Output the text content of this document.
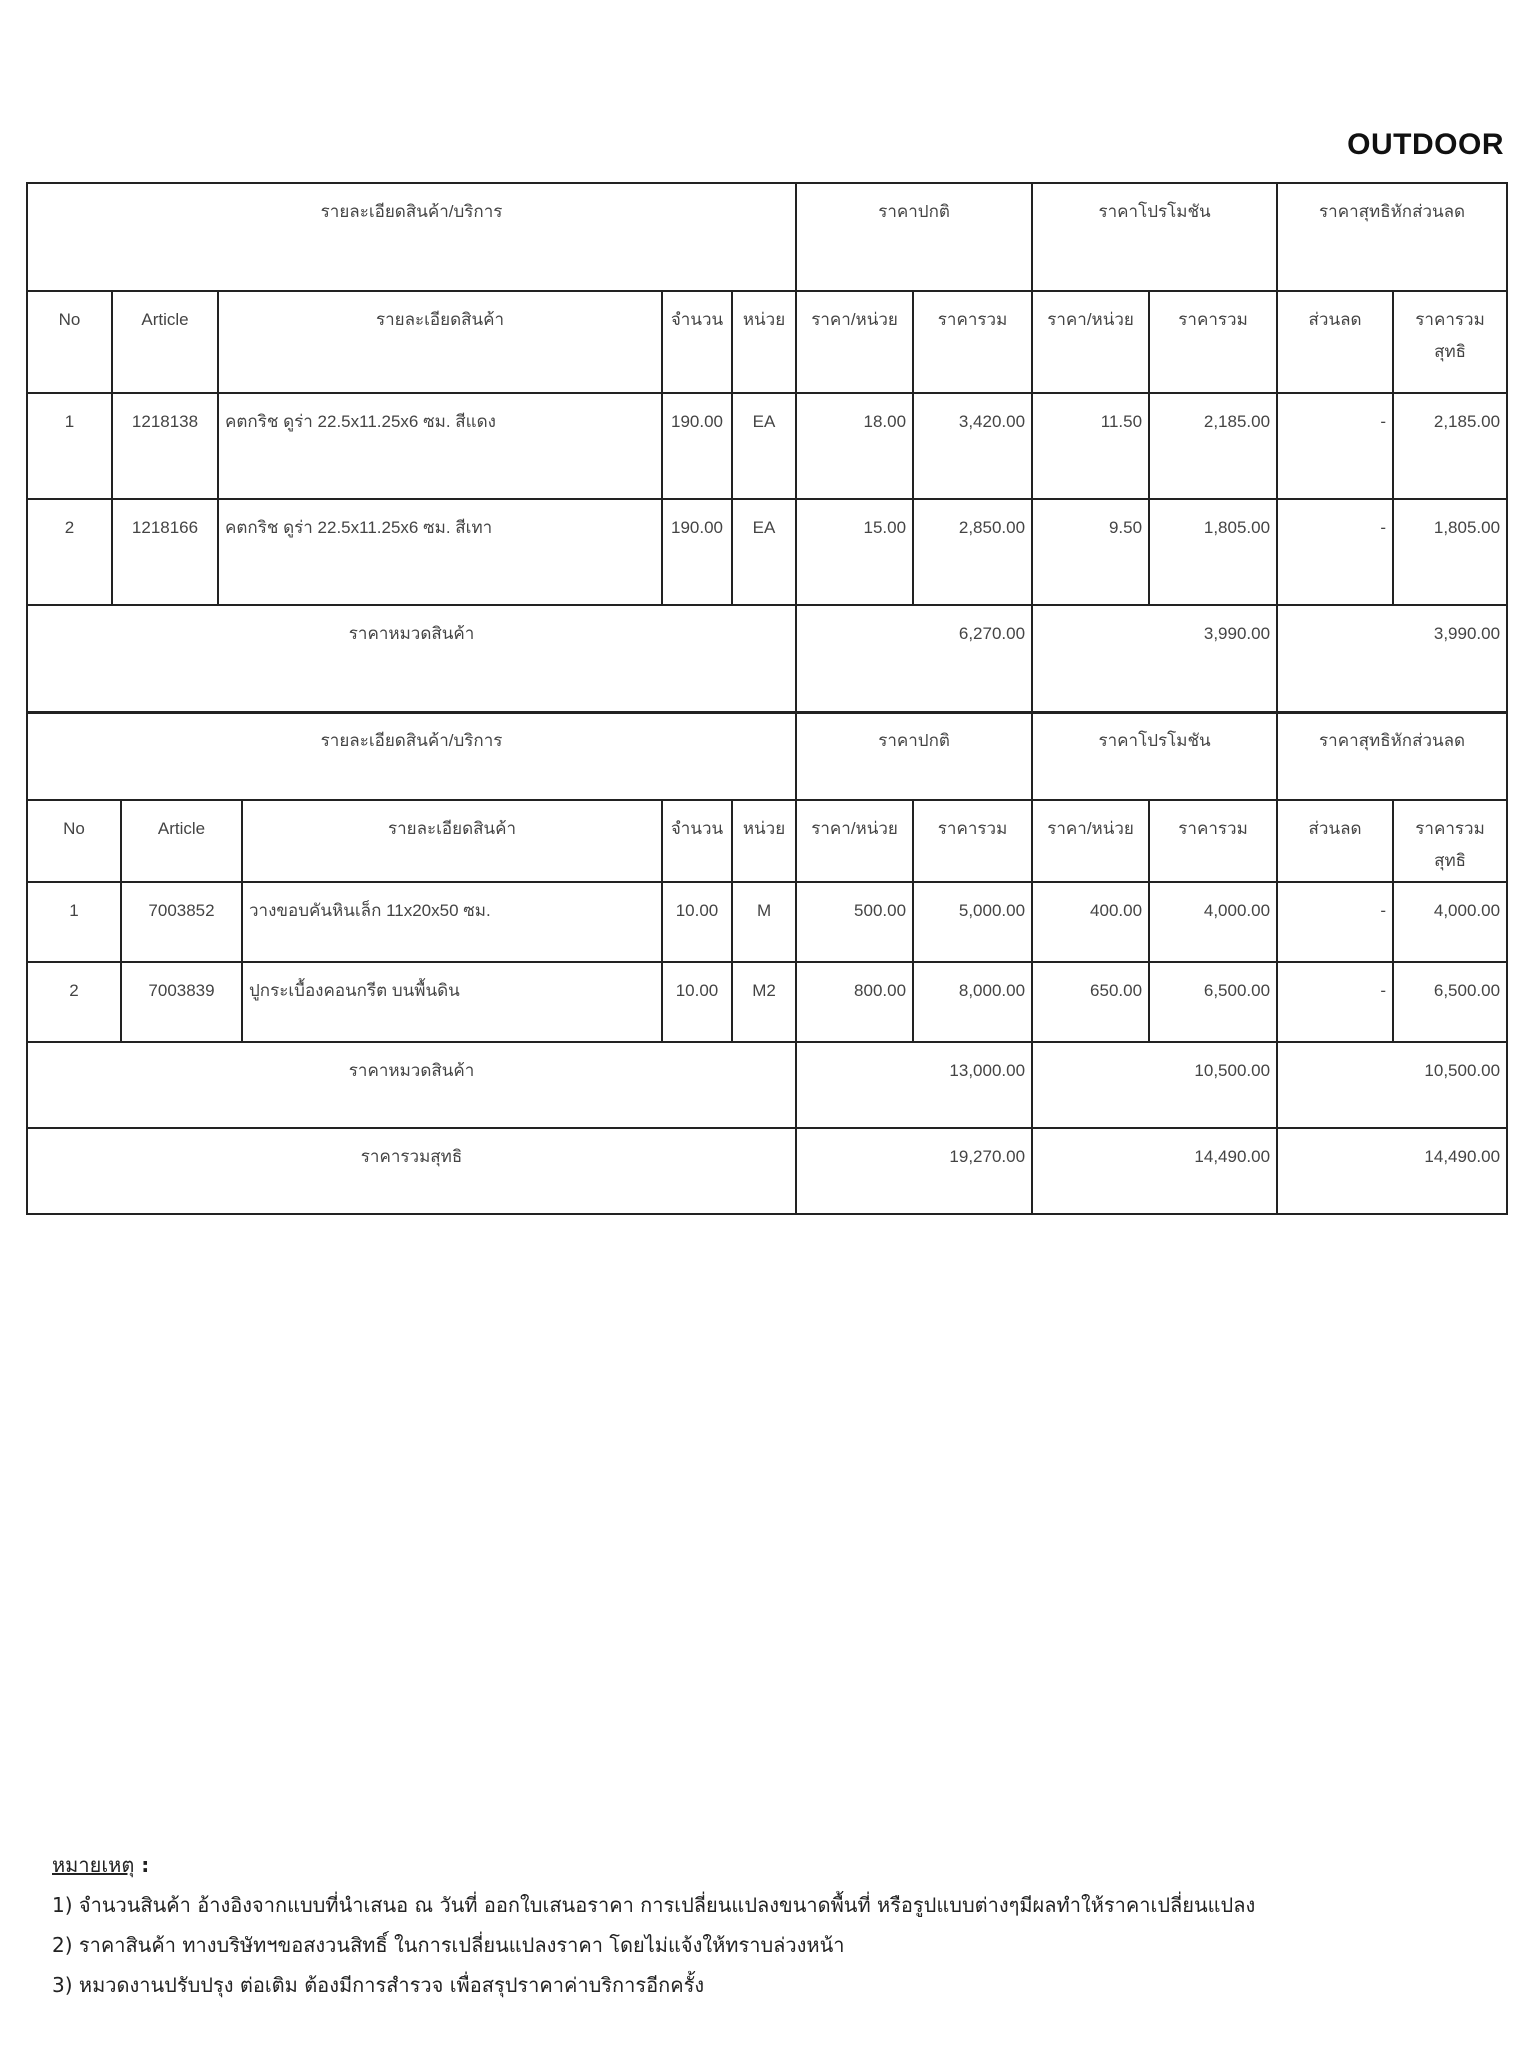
OUTDOOR
รายละเอียดสินค้า/บริการ					ราคาปกติ		ราคาโปรโมชัน		ราคาสุทธิหักส่วนลด	
No	Article	รายละเอียดสินค้า	จำนวน	หน่วย	ราคา/หน่วย	ราคารวม	ราคา/หน่วย	ราคารวม	ส่วนลด	ราคารวมสุทธิ
1	1218138	คตกริช ดูร่า 22.5x11.25x6 ซม. สีแดง	190.00	EA	18.00	3,420.00	11.50	2,185.00	-	2,185.00
2	1218166	คตกริช ดูร่า 22.5x11.25x6 ซม. สีเทา	190.00	EA	15.00	2,850.00	9.50	1,805.00	-	1,805.00
ราคาหมวดสินค้า					6,270.00		3,990.00		3,990.00	
รายละเอียดสินค้า/บริการ					ราคาปกติ		ราคาโปรโมชัน		ราคาสุทธิหักส่วนลด	
No	Article	รายละเอียดสินค้า	จำนวน	หน่วย	ราคา/หน่วย	ราคารวม	ราคา/หน่วย	ราคารวม	ส่วนลด	ราคารวมสุทธิ
1	7003852	วางขอบคันหินเล็ก 11x20x50 ซม.	10.00	M	500.00	5,000.00	400.00	4,000.00	-	4,000.00
2	7003839	ปูกระเบื้องคอนกรีต บนพื้นดิน	10.00	M2	800.00	8,000.00	650.00	6,500.00	-	6,500.00
ราคาหมวดสินค้า					13,000.00		10,500.00		10,500.00	
ราคารวมสุทธิ					19,270.00		14,490.00		14,490.00	
หมายเหตุ :
1) จำนวนสินค้า อ้างอิงจากแบบที่นำเสนอ ณ วันที่ ออกใบเสนอราคา การเปลี่ยนแปลงขนาดพื้นที่ หรือรูปแบบต่างๆมีผลทำให้ราคาเปลี่ยนแปลง
2) ราคาสินค้า ทางบริษัทฯขอสงวนสิทธิ์ ในการเปลี่ยนแปลงราคา โดยไม่แจ้งให้ทราบล่วงหน้า
3) หมวดงานปรับปรุง ต่อเติม ต้องมีการสำรวจ เพื่อสรุปราคาค่าบริการอีกครั้ง
